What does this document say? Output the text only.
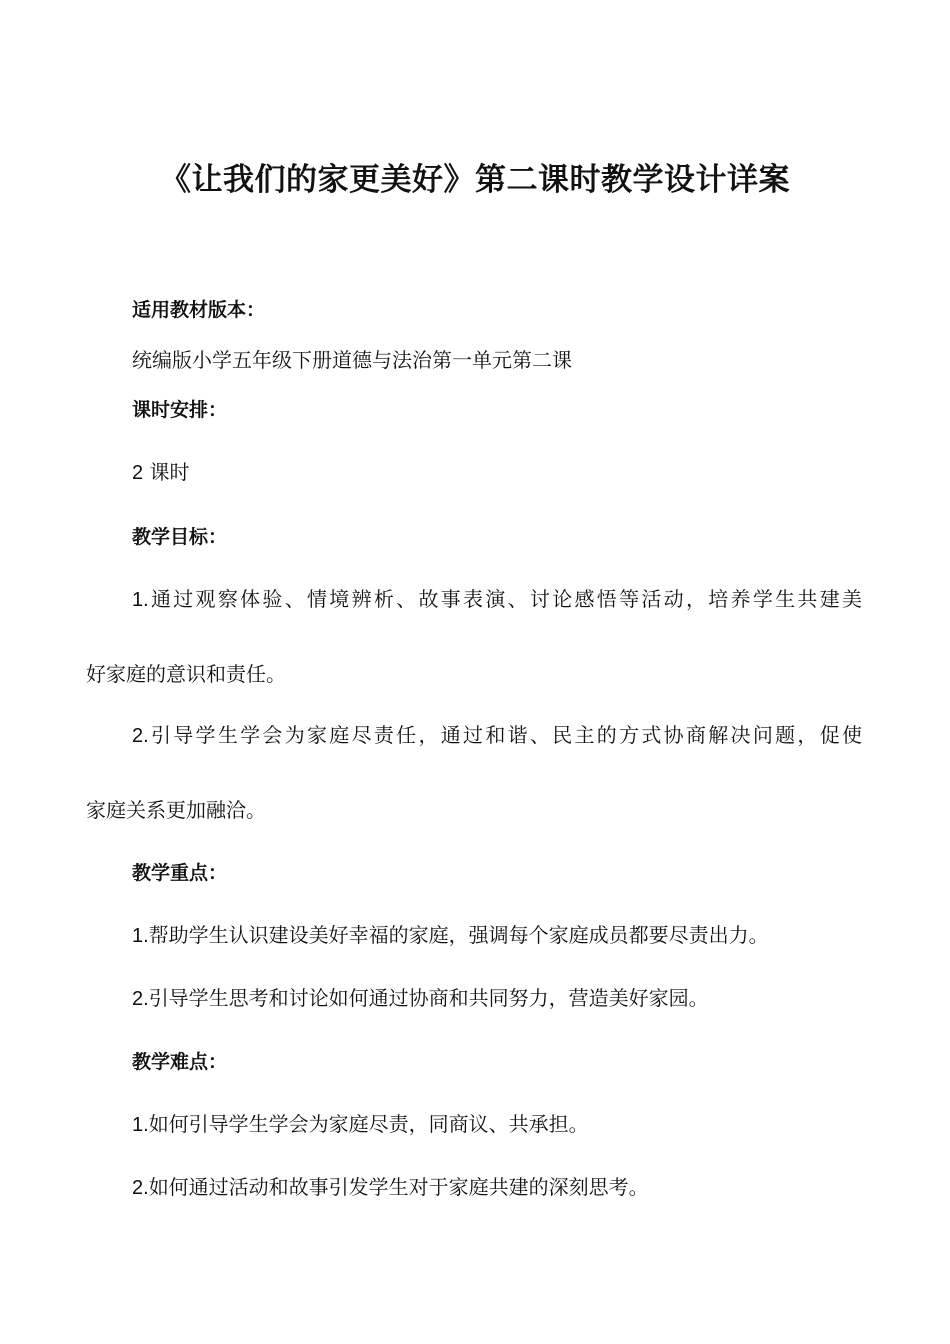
《让我们的家更美好》第二课时教学设计详案
适用教材版本：
统编版小学五年级下册道德与法治第一单元第二课
课时安排：
2 课时
教学目标：
1.通过观察体验、情境辨析、故事表演、讨论感悟等活动，培养学生共建美
好家庭的意识和责任。
2.引导学生学会为家庭尽责任，通过和谐、民主的方式协商解决问题，促使
家庭关系更加融洽。
教学重点：
1.帮助学生认识建设美好幸福的家庭，强调每个家庭成员都要尽责出力。
2.引导学生思考和讨论如何通过协商和共同努力，营造美好家园。
教学难点：
1.如何引导学生学会为家庭尽责，同商议、共承担。
2.如何通过活动和故事引发学生对于家庭共建的深刻思考。
